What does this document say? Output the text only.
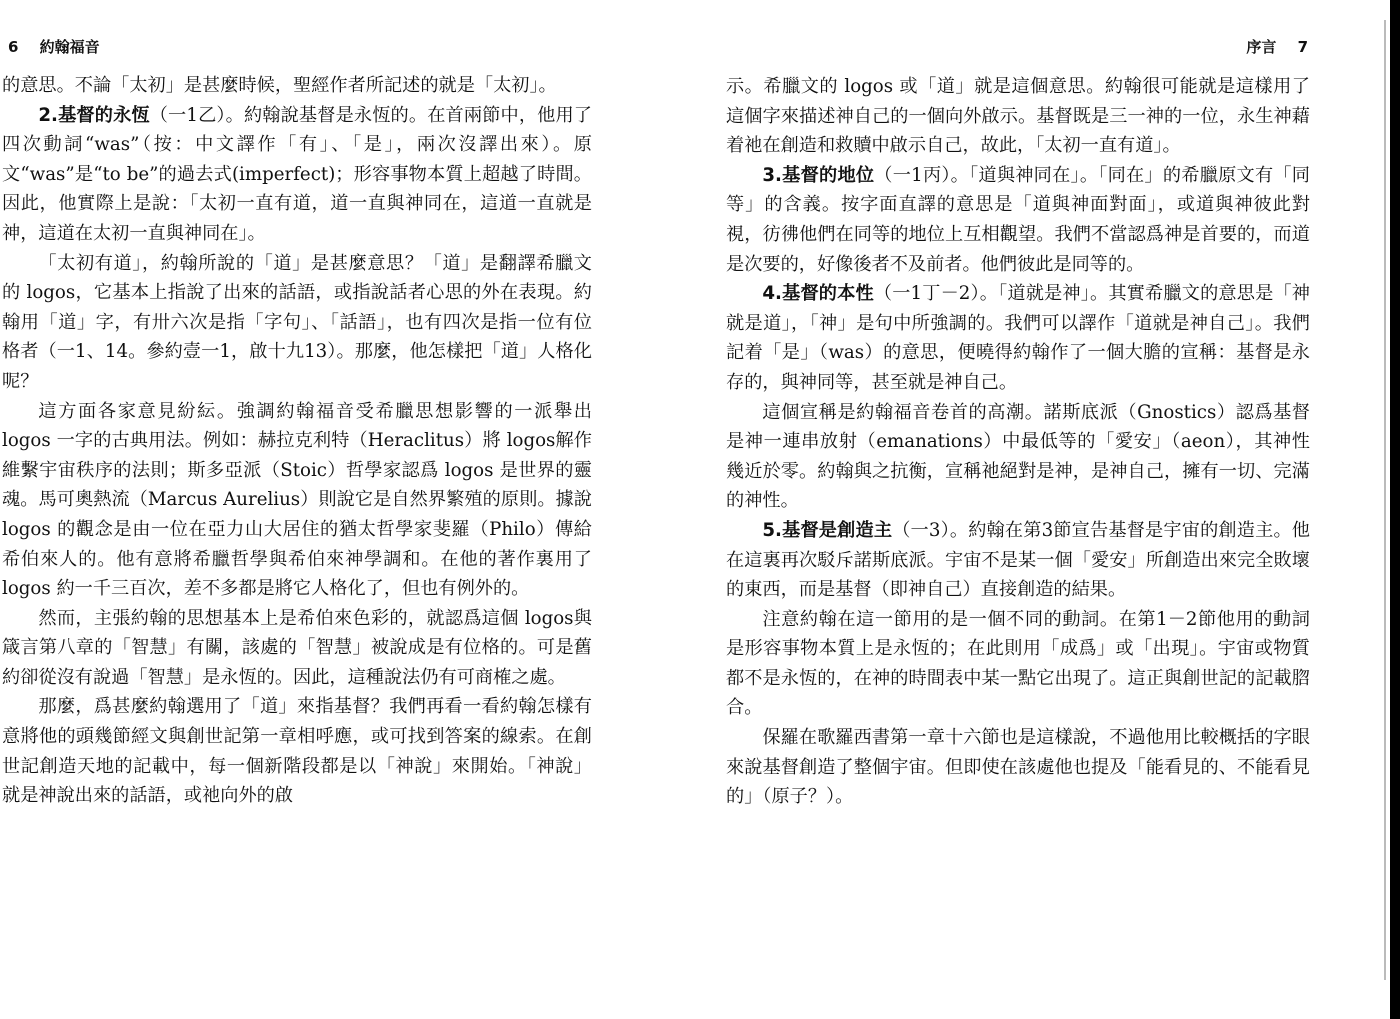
6 約翰福音

的意思。不論「太初」是甚麼時候，聖經作者所記述的就是「太初」。

2.基督的永恆（一1乙）。約翰說基督是永恆的。在首兩節中，他用了四次動詞“was”（按：中文譯作「有」、「是」，兩次沒譯出來）。原文“was”是“to be”的過去式(imperfect)；形容事物本質上超越了時間。因此，他實際上是說：「太初一直有道，道一直與神同在，這道一直就是神，這道在太初一直與神同在」。

「太初有道」，約翰所說的「道」是甚麼意思？「道」是翻譯希臘文的 logos，它基本上指說了出來的話語，或指說話者心思的外在表現。約翰用「道」字，有卅六次是指「字句」、「話語」，也有四次是指一位有位格者（一1、14。參約壹一1，啟十九13）。那麼，他怎樣把「道」人格化呢？

這方面各家意見紛紜。強調約翰福音受希臘思想影響的一派舉出 logos 一字的古典用法。例如：赫拉克利特（Heraclitus）將 logos解作維繫宇宙秩序的法則；斯多亞派（Stoic）哲學家認爲 logos 是世界的靈魂。馬可奧熱流（Marcus Aurelius）則說它是自然界繁殖的原則。據說 logos 的觀念是由一位在亞力山大居住的猶太哲學家斐羅（Philo）傳給希伯來人的。他有意將希臘哲學與希伯來神學調和。在他的著作裏用了 logos 約一千三百次，差不多都是將它人格化了，但也有例外的。

然而，主張約翰的思想基本上是希伯來色彩的，就認爲這個 logos與箴言第八章的「智慧」有關，該處的「智慧」被說成是有位格的。可是舊約卻從沒有說過「智慧」是永恆的。因此，這種說法仍有可商榷之處。

那麼，爲甚麼約翰選用了「道」來指基督？我們再看一看約翰怎樣有意將他的頭幾節經文與創世記第一章相呼應，或可找到答案的線索。在創世記創造天地的記載中，每一個新階段都是以「神說」來開始。「神說」就是神說出來的話語，或祂向外的啟

序言 7

示。希臘文的 logos 或「道」就是這個意思。約翰很可能就是這樣用了這個字來描述神自己的一個向外啟示。基督既是三一神的一位，永生神藉着祂在創造和救贖中啟示自己，故此，「太初一直有道」。

3.基督的地位（一1丙）。「道與神同在」。「同在」的希臘原文有「同等」的含義。按字面直譯的意思是「道與神面對面」，或道與神彼此對視，彷彿他們在同等的地位上互相觀望。我們不當認爲神是首要的，而道是次要的，好像後者不及前者。他們彼此是同等的。

4.基督的本性（一1丁－2）。「道就是神」。其實希臘文的意思是「神就是道」，「神」是句中所強調的。我們可以譯作「道就是神自己」。我們記着「是」（was）的意思，便曉得約翰作了一個大膽的宣稱：基督是永存的，與神同等，甚至就是神自己。

這個宣稱是約翰福音卷首的高潮。諾斯底派（Gnostics）認爲基督是神一連串放射（emanations）中最低等的「愛安」（aeon），其神性幾近於零。約翰與之抗衡，宣稱祂絕對是神，是神自己，擁有一切、完滿的神性。

5.基督是創造主（一3）。約翰在第3節宣告基督是宇宙的創造主。他在這裏再次駁斥諾斯底派。宇宙不是某一個「愛安」所創造出來完全敗壞的東西，而是基督（即神自己）直接創造的結果。

注意約翰在這一節用的是一個不同的動詞。在第1－2節他用的動詞是形容事物本質上是永恆的；在此則用「成爲」或「出現」。宇宙或物質都不是永恆的，在神的時間表中某一點它出現了。這正與創世記的記載脗合。

保羅在歌羅西書第一章十六節也是這樣說，不過他用比較概括的字眼來說基督創造了整個宇宙。但即使在該處他也提及「能看見的、不能看見的」（原子？）。
